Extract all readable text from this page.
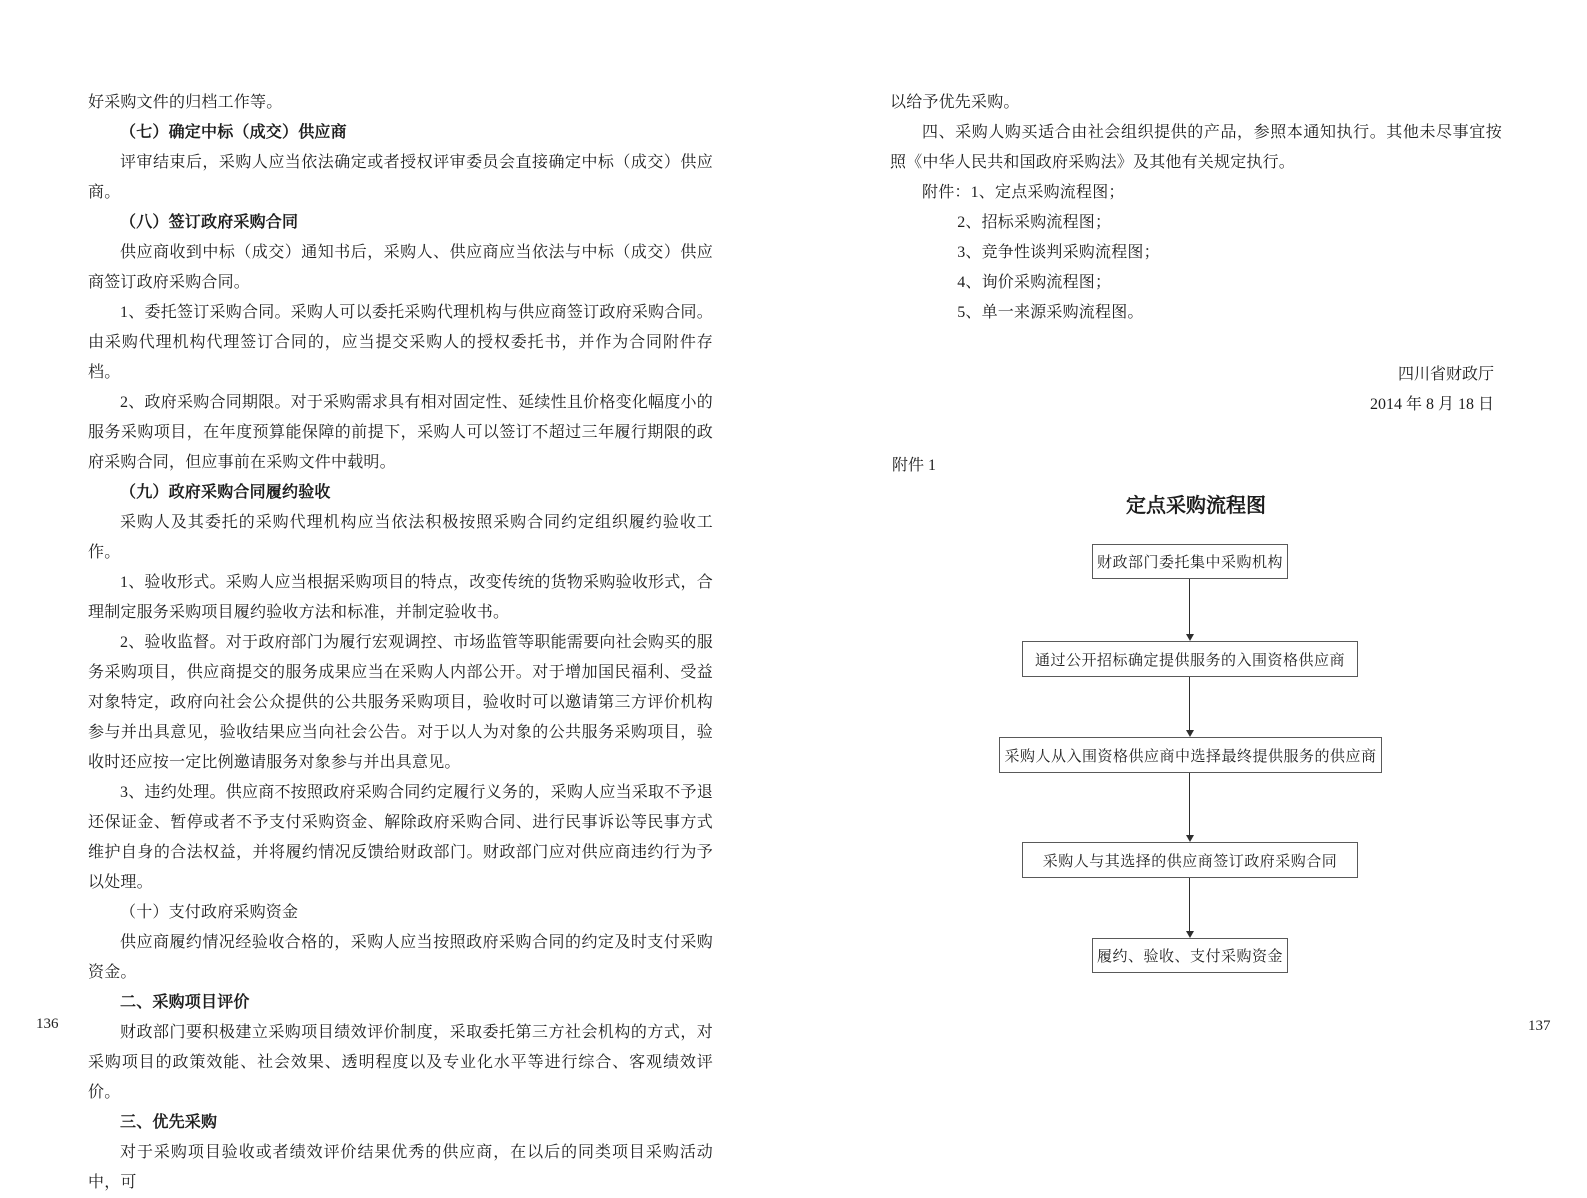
好采购文件的归档工作等。

（七）确定中标（成交）供应商

评审结束后，采购人应当依法确定或者授权评审委员会直接确定中标（成交）供应商。

（八）签订政府采购合同

供应商收到中标（成交）通知书后，采购人、供应商应当依法与中标（成交）供应商签订政府采购合同。

1、委托签订采购合同。采购人可以委托采购代理机构与供应商签订政府采购合同。由采购代理机构代理签订合同的，应当提交采购人的授权委托书，并作为合同附件存档。

2、政府采购合同期限。对于采购需求具有相对固定性、延续性且价格变化幅度小的服务采购项目，在年度预算能保障的前提下，采购人可以签订不超过三年履行期限的政府采购合同，但应事前在采购文件中载明。

（九）政府采购合同履约验收

采购人及其委托的采购代理机构应当依法积极按照采购合同约定组织履约验收工作。

1、验收形式。采购人应当根据采购项目的特点，改变传统的货物采购验收形式，合理制定服务采购项目履约验收方法和标准，并制定验收书。

2、验收监督。对于政府部门为履行宏观调控、市场监管等职能需要向社会购买的服务采购项目，供应商提交的服务成果应当在采购人内部公开。对于增加国民福利、受益对象特定，政府向社会公众提供的公共服务采购项目，验收时可以邀请第三方评价机构参与并出具意见，验收结果应当向社会公告。对于以人为对象的公共服务采购项目，验收时还应按一定比例邀请服务对象参与并出具意见。

3、违约处理。供应商不按照政府采购合同约定履行义务的，采购人应当采取不予退还保证金、暂停或者不予支付采购资金、解除政府采购合同、进行民事诉讼等民事方式维护自身的合法权益，并将履约情况反馈给财政部门。财政部门应对供应商违约行为予以处理。

（十）支付政府采购资金

供应商履约情况经验收合格的，采购人应当按照政府采购合同的约定及时支付采购资金。

二、采购项目评价

财政部门要积极建立采购项目绩效评价制度，采取委托第三方社会机构的方式，对采购项目的政策效能、社会效果、透明程度以及专业化水平等进行综合、客观绩效评价。

三、优先采购

对于采购项目验收或者绩效评价结果优秀的供应商，在以后的同类项目采购活动中，可

以给予优先采购。

四、采购人购买适合由社会组织提供的产品，参照本通知执行。其他未尽事宜按照《中华人民共和国政府采购法》及其他有关规定执行。

附件：1、定点采购流程图；

2、招标采购流程图；

3、竞争性谈判采购流程图；

4、询价采购流程图；

5、单一来源采购流程图。

四川省财政厅
2014 年 8 月 18 日
附件 1
定点采购流程图
财政部门委托集中采购机构
通过公开招标确定提供服务的入围资格供应商
采购人从入围资格供应商中选择最终提供服务的供应商
采购人与其选择的供应商签订政府采购合同
履约、验收、支付采购资金
136	137
